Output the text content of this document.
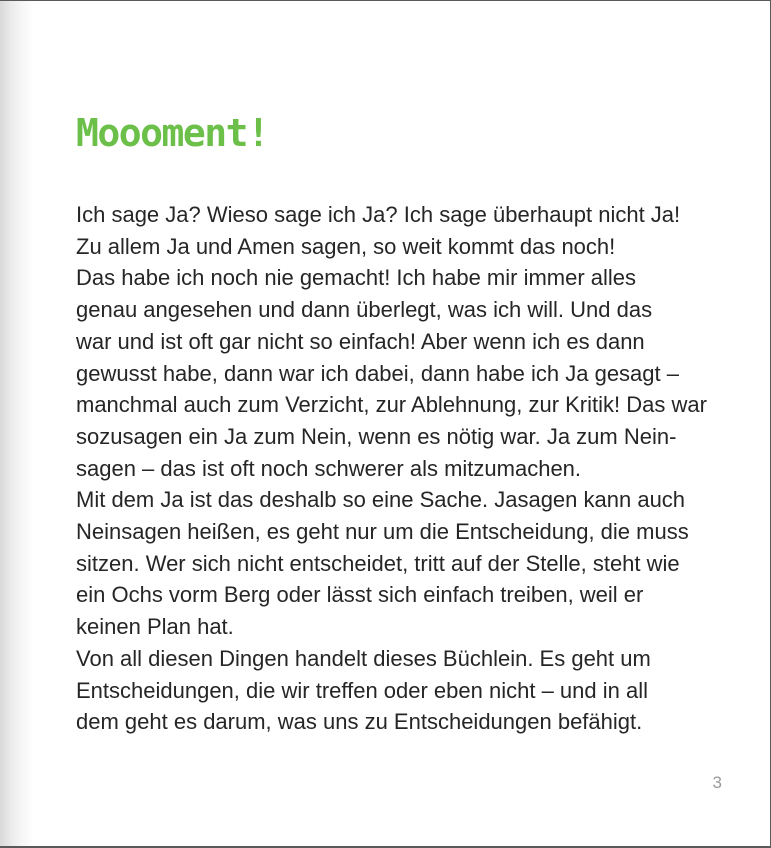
Moooment!
Ich sage Ja? Wieso sage ich Ja? Ich sage überhaupt nicht Ja!
Zu allem Ja und Amen sagen, so weit kommt das noch!
Das habe ich noch nie gemacht! Ich habe mir immer alles
genau angesehen und dann überlegt, was ich will. Und das
war und ist oft gar nicht so einfach! Aber wenn ich es dann
gewusst habe, dann war ich dabei, dann habe ich Ja gesagt –
manchmal auch zum Verzicht, zur Ablehnung, zur Kritik! Das war
sozusagen ein Ja zum Nein, wenn es nötig war. Ja zum Nein-
sagen – das ist oft noch schwerer als mitzumachen.
Mit dem Ja ist das deshalb so eine Sache. Jasagen kann auch
Neinsagen heißen, es geht nur um die Entscheidung, die muss
sitzen. Wer sich nicht entscheidet, tritt auf der Stelle, steht wie
ein Ochs vorm Berg oder lässt sich einfach treiben, weil er
keinen Plan hat.
Von all diesen Dingen handelt dieses Büchlein. Es geht um
Entscheidungen, die wir treffen oder eben nicht – und in all
dem geht es darum, was uns zu Entscheidungen befähigt.
3
